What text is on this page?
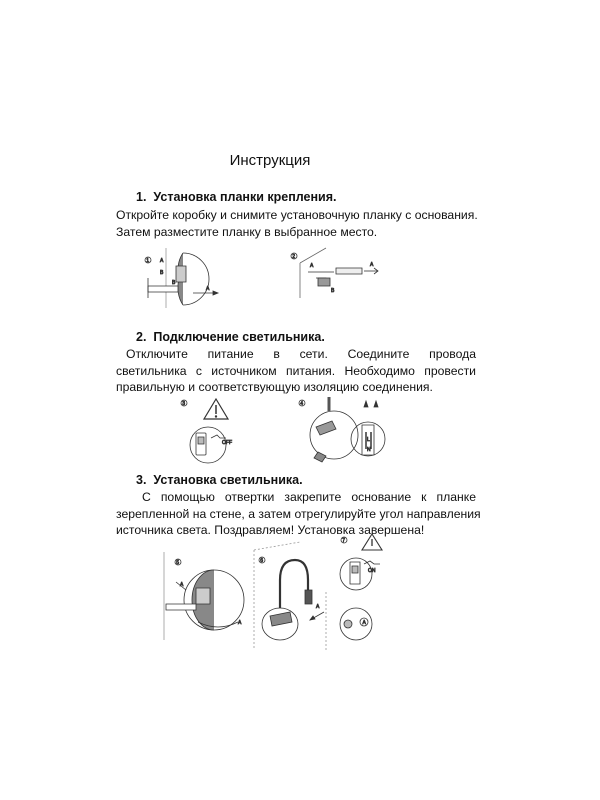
Инструкция
1. Установка планки крепления.
Откройте коробку и снимите установочную планку с основания.
Затем разместите планку в выбранное место.
1 A
B
B
A
2
A	A
B
2. Подключение светильника.
Отключите питание в сети. Соедините провода
светильника с источником питания. Необходимо провести
правильную и соответствующую изоляцию соединения.
3
OFF
4
L
N
3. Установка светильника.
С помощью отвертки закрепите основание к планке
зерепленной на стене, а затем отрегулируйте угол направления
источника света. Поздравляем! Установка завершена!
5
A
A
6
A
7
ON
A
